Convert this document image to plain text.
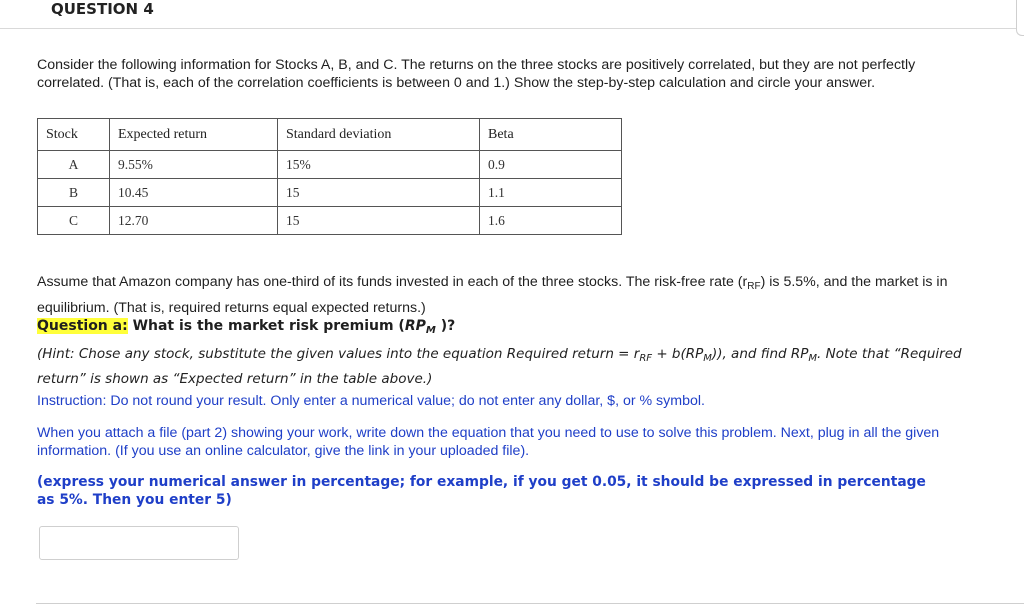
QUESTION 4
Consider the following information for Stocks A, B, and C. The returns on the three stocks are positively correlated, but they are not perfectly correlated. (That is, each of the correlation coefficients is between 0 and 1.) Show the step-by-step calculation and circle your answer.
Stock	Expected return	Standard deviation	Beta
A	9.55%	15%	0.9
B	10.45	15	1.1
C	12.70	15	1.6
Assume that Amazon company has one-third of its funds invested in each of the three stocks. The risk-free rate $(r_{RF})$ is 5.5%, and the market is in equilibrium. (That is, required returns equal expected returns.)
Question a: What is the market risk premium ($RP_M$ )?
(Hint: Chose any stock, substitute the given values into the equation Required return = $r_{RF} + b(RP_M)$), and find $RP_M$. Note that “Required return” is shown as “Expected return” in the table above.)
Instruction: Do not round your result. Only enter a numerical value; do not enter any dollar, $, or % symbol.
When you attach a file (part 2) showing your work, write down the equation that you need to use to solve this problem. Next, plug in all the given information. (If you use an online calculator, give the link in your uploaded file).
(express your numerical answer in percentage; for example, if you get 0.05, it should be expressed in percentage as 5%. Then you enter 5)
